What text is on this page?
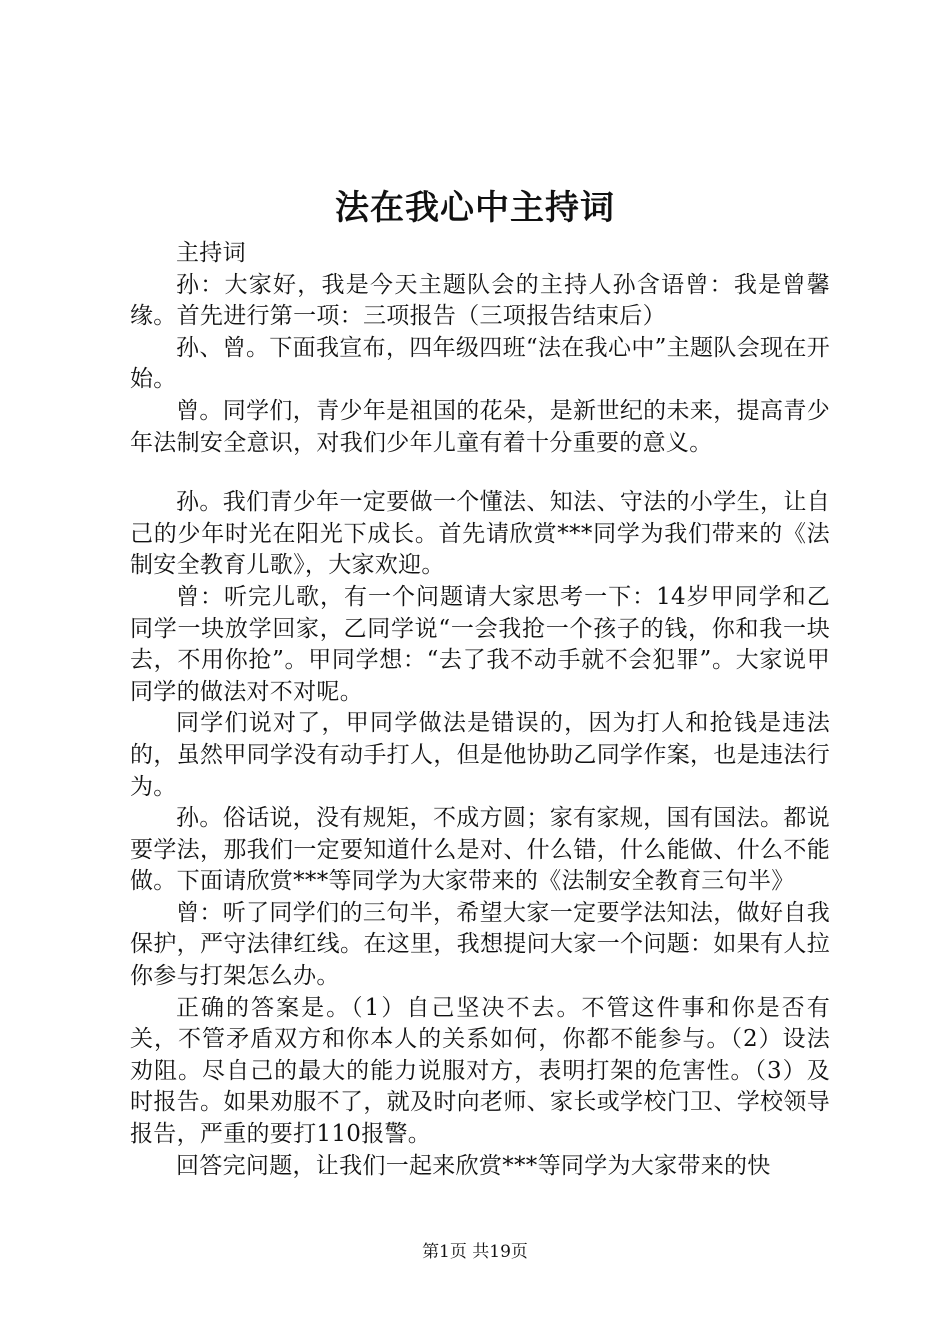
法在我心中主持词

主持词

孙：大家好，我是今天主题队会的主持人孙含语曾：我是曾馨缘。首先进行第一项：三项报告（三项报告结束后）

孙、曾。下面我宣布，四年级四班“法在我心中”主题队会现在开始。

曾。同学们，青少年是祖国的花朵，是新世纪的未来，提高青少年法制安全意识，对我们少年儿童有着十分重要的意义。

孙。我们青少年一定要做一个懂法、知法、守法的小学生，让自己的少年时光在阳光下成长。首先请欣赏***同学为我们带来的《法制安全教育儿歌》，大家欢迎。

曾：听完儿歌，有一个问题请大家思考一下：14岁甲同学和乙同学一块放学回家，乙同学说“一会我抢一个孩子的钱，你和我一块去，不用你抢”。甲同学想：“去了我不动手就不会犯罪”。大家说甲同学的做法对不对呢。

同学们说对了，甲同学做法是错误的，因为打人和抢钱是违法的，虽然甲同学没有动手打人，但是他协助乙同学作案，也是违法行为。

孙。俗话说，没有规矩，不成方圆；家有家规，国有国法。都说要学法，那我们一定要知道什么是对、什么错，什么能做、什么不能做。下面请欣赏***等同学为大家带来的《法制安全教育三句半》

曾：听了同学们的三句半，希望大家一定要学法知法，做好自我保护，严守法律红线。在这里，我想提问大家一个问题：如果有人拉你参与打架怎么办。

正确的答案是。（1）自己坚决不去。不管这件事和你是否有关，不管矛盾双方和你本人的关系如何，你都不能参与。（2）设法劝阻。尽自己的最大的能力说服对方，表明打架的危害性。（3）及时报告。如果劝服不了，就及时向老师、家长或学校门卫、学校领导报告，严重的要打110报警。

回答完问题，让我们一起来欣赏***等同学为大家带来的快

第1页 共19页
